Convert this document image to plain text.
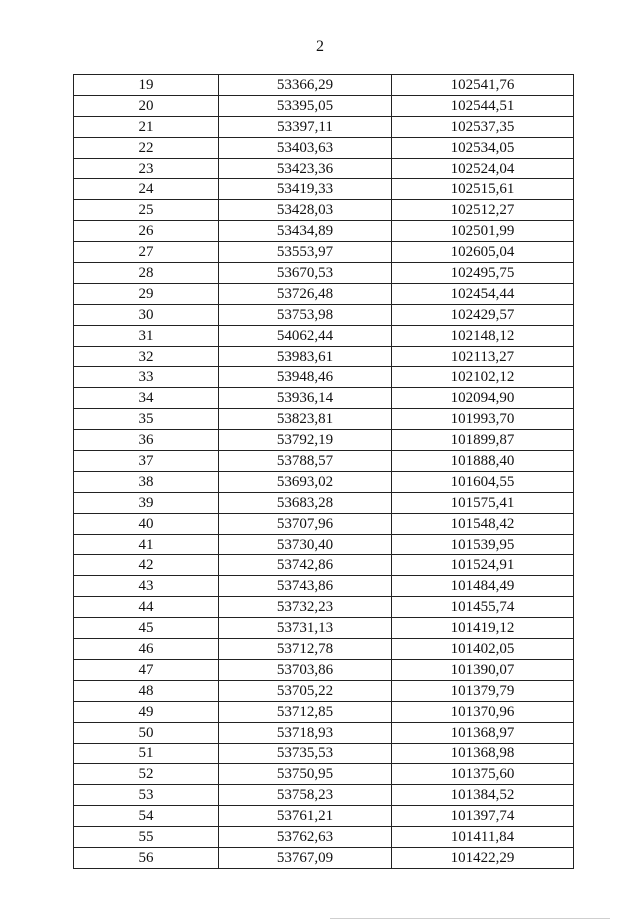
2
19	53366,29	102541,76
20	53395,05	102544,51
21	53397,11	102537,35
22	53403,63	102534,05
23	53423,36	102524,04
24	53419,33	102515,61
25	53428,03	102512,27
26	53434,89	102501,99
27	53553,97	102605,04
28	53670,53	102495,75
29	53726,48	102454,44
30	53753,98	102429,57
31	54062,44	102148,12
32	53983,61	102113,27
33	53948,46	102102,12
34	53936,14	102094,90
35	53823,81	101993,70
36	53792,19	101899,87
37	53788,57	101888,40
38	53693,02	101604,55
39	53683,28	101575,41
40	53707,96	101548,42
41	53730,40	101539,95
42	53742,86	101524,91
43	53743,86	101484,49
44	53732,23	101455,74
45	53731,13	101419,12
46	53712,78	101402,05
47	53703,86	101390,07
48	53705,22	101379,79
49	53712,85	101370,96
50	53718,93	101368,97
51	53735,53	101368,98
52	53750,95	101375,60
53	53758,23	101384,52
54	53761,21	101397,74
55	53762,63	101411,84
56	53767,09	101422,29
